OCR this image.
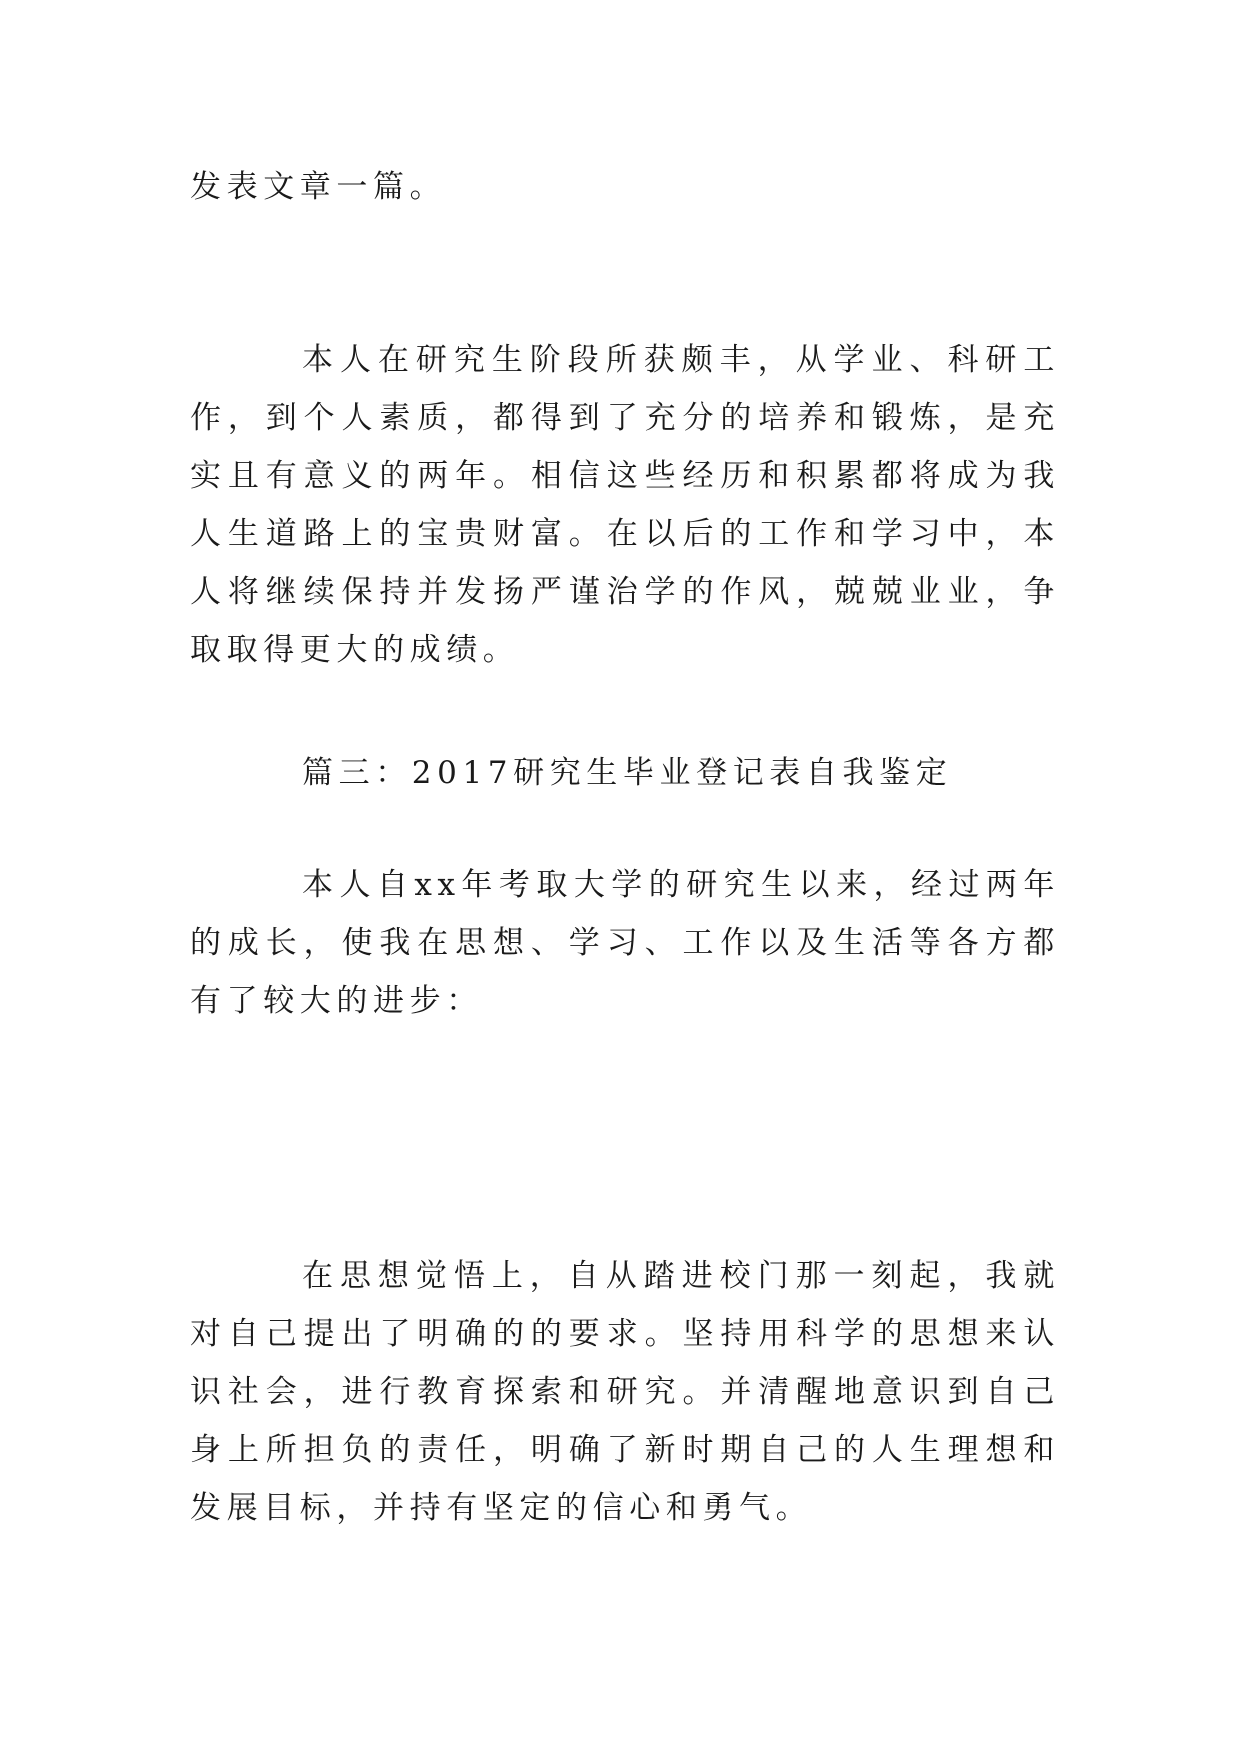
发表文章一篇。

本人在研究生阶段所获颇丰，从学业、科研工作，到个人素质，都得到了充分的培养和锻炼，是充实且有意义的两年。相信这些经历和积累都将成为我人生道路上的宝贵财富。在以后的工作和学习中，本人将继续保持并发扬严谨治学的作风，兢兢业业，争取取得更大的成绩。

篇三：2017研究生毕业登记表自我鉴定

本人自xx年考取大学的研究生以来，经过两年的成长，使我在思想、学习、工作以及生活等各方都有了较大的进步：

在思想觉悟上，自从踏进校门那一刻起，我就对自己提出了明确的的要求。坚持用科学的思想来认识社会，进行教育探索和研究。并清醒地意识到自己身上所担负的责任，明确了新时期自己的人生理想和发展目标，并持有坚定的信心和勇气。
